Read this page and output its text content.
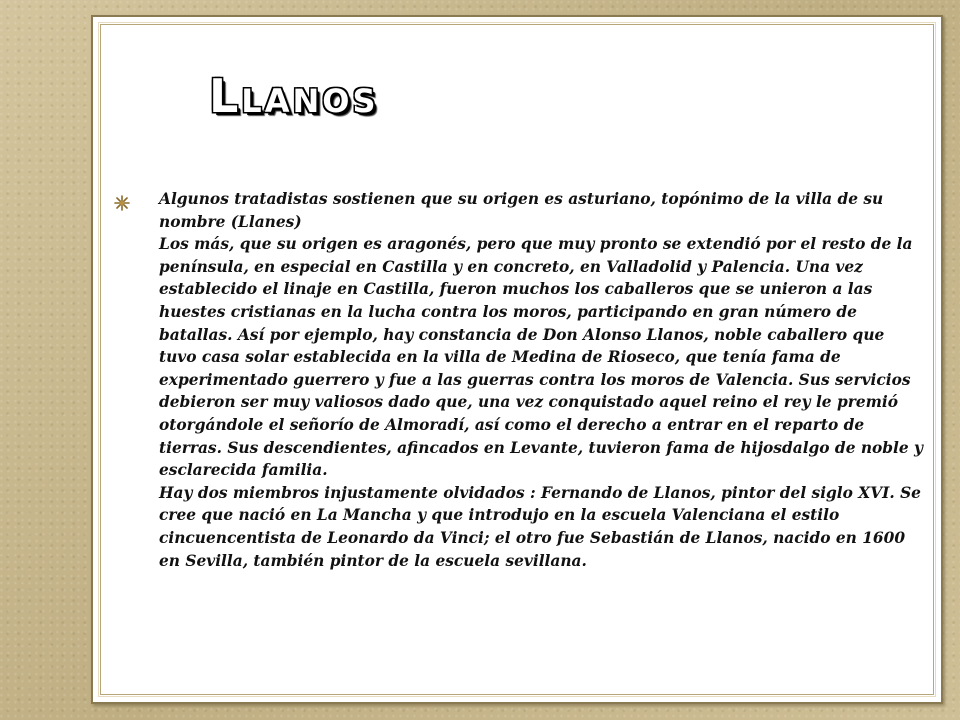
Llanos

Algunos tratadistas sostienen que su origen es asturiano, topónimo de la villa de su nombre (Llanes)

Los más, que su origen es aragonés, pero que muy pronto se extendió por el resto de la península, en especial en Castilla y en concreto, en Valladolid y Palencia. Una vez establecido el linaje en Castilla, fueron muchos los caballeros que se unieron a las huestes cristianas en la lucha contra los moros, participando en gran número de batallas. Así por ejemplo, hay constancia de Don Alonso Llanos, noble caballero que tuvo casa solar establecida en la villa de Medina de Rioseco, que tenía fama de experimentado guerrero y fue a las guerras contra los moros de Valencia. Sus servicios debieron ser muy valiosos dado que, una vez conquistado aquel reino el rey le premió otorgándole el señorío de Almoradí, así como el derecho a entrar en el reparto de tierras. Sus descendientes, afincados en Levante, tuvieron fama de hijosdalgo de noble y esclarecida familia.

Hay dos miembros injustamente olvidados : Fernando de Llanos, pintor del siglo XVI. Se cree que nació en La Mancha y que introdujo en la escuela Valenciana el estilo cincuencentista de Leonardo da Vinci; el otro fue Sebastián de Llanos, nacido en 1600 en Sevilla, también pintor de la escuela sevillana.
